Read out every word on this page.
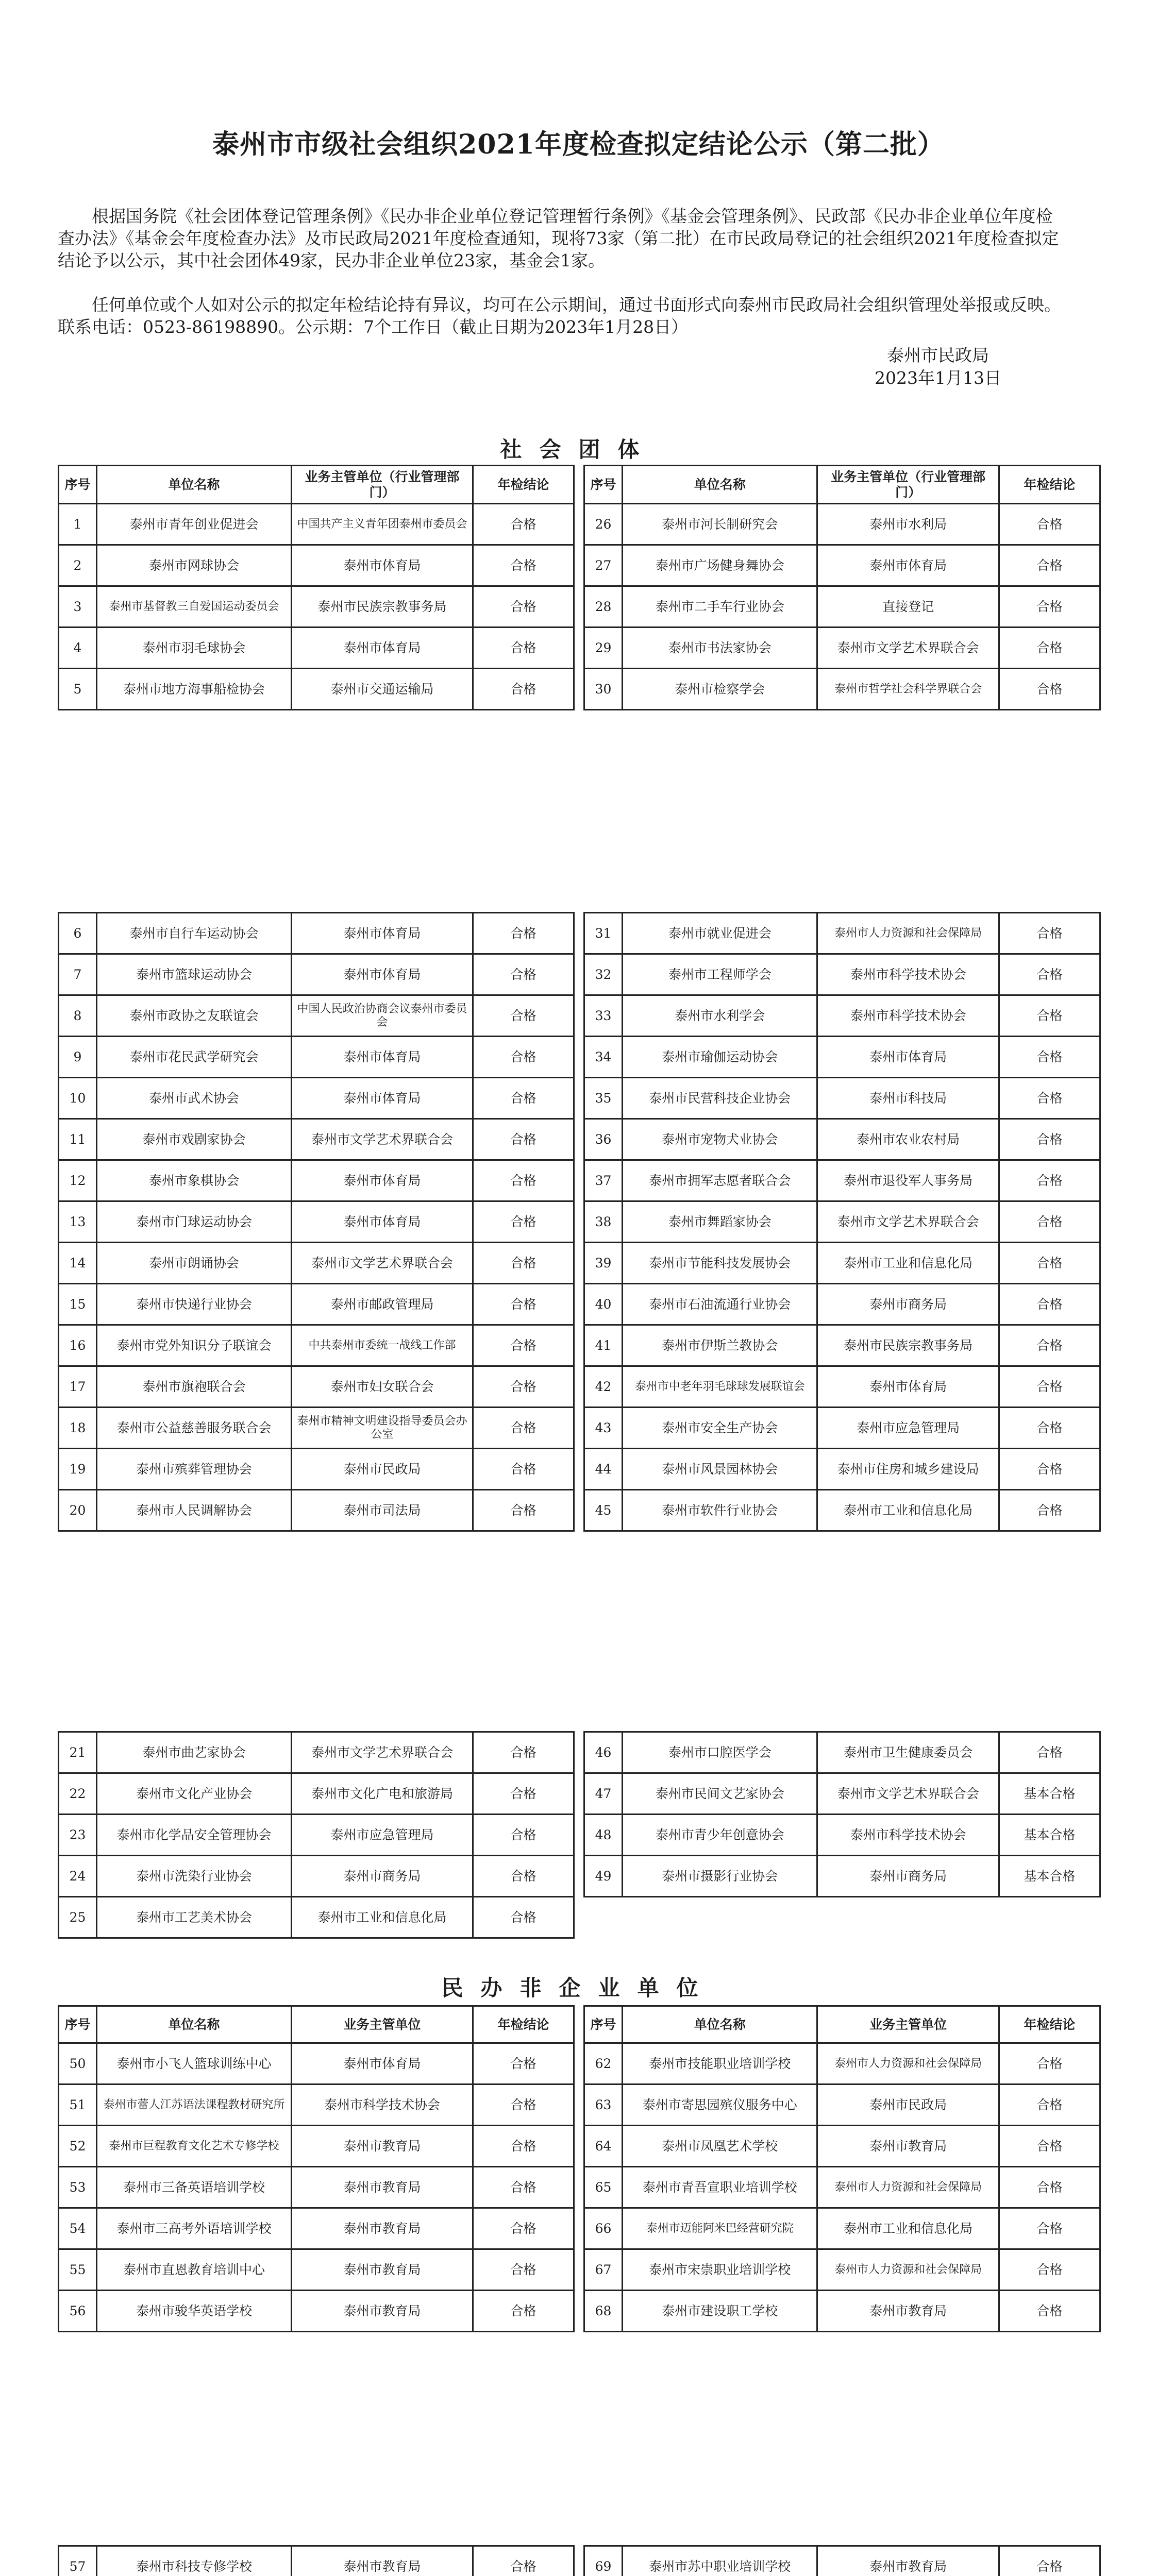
泰州市市级社会组织2021年度检查拟定结论公示（第二批）

根据国务院《社会团体登记管理条例》《民办非企业单位登记管理暂行条例》《基金会管理条例》、民政部《民办非企业单位年度检查办法》《基金会年度检查办法》及市民政局2021年度检查通知，现将73家（第二批）在市民政局登记的社会组织2021年度检查拟定结论予以公示，其中社会团体49家，民办非企业单位23家，基金会1家。

任何单位或个人如对公示的拟定年检结论持有异议，均可在公示期间，通过书面形式向泰州市民政局社会组织管理处举报或反映。联系电话：0523-86198890。公示期：7个工作日（截止日期为2023年1月28日）

泰州市民政局
2023年1月13日
社会团体
序号	单位名称	业务主管单位（行业管理部门）	年检结论
1	泰州市青年创业促进会	中国共产主义青年团泰州市委员会	合格
2	泰州市网球协会	泰州市体育局	合格
3	泰州市基督教三自爱国运动委员会	泰州市民族宗教事务局	合格
4	泰州市羽毛球协会	泰州市体育局	合格
5	泰州市地方海事船检协会	泰州市交通运输局	合格
序号	单位名称	业务主管单位（行业管理部门）	年检结论
26	泰州市河长制研究会	泰州市水利局	合格
27	泰州市广场健身舞协会	泰州市体育局	合格
28	泰州市二手车行业协会	直接登记	合格
29	泰州市书法家协会	泰州市文学艺术界联合会	合格
30	泰州市检察学会	泰州市哲学社会科学界联合会	合格
6	泰州市自行车运动协会	泰州市体育局	合格
7	泰州市篮球运动协会	泰州市体育局	合格
8	泰州市政协之友联谊会	中国人民政治协商会议泰州市委员会	合格
9	泰州市花民武学研究会	泰州市体育局	合格
10	泰州市武术协会	泰州市体育局	合格
11	泰州市戏剧家协会	泰州市文学艺术界联合会	合格
12	泰州市象棋协会	泰州市体育局	合格
13	泰州市门球运动协会	泰州市体育局	合格
14	泰州市朗诵协会	泰州市文学艺术界联合会	合格
15	泰州市快递行业协会	泰州市邮政管理局	合格
16	泰州市党外知识分子联谊会	中共泰州市委统一战线工作部	合格
17	泰州市旗袍联合会	泰州市妇女联合会	合格
18	泰州市公益慈善服务联合会	泰州市精神文明建设指导委员会办公室	合格
19	泰州市殡葬管理协会	泰州市民政局	合格
20	泰州市人民调解协会	泰州市司法局	合格
31	泰州市就业促进会	泰州市人力资源和社会保障局	合格
32	泰州市工程师学会	泰州市科学技术协会	合格
33	泰州市水利学会	泰州市科学技术协会	合格
34	泰州市瑜伽运动协会	泰州市体育局	合格
35	泰州市民营科技企业协会	泰州市科技局	合格
36	泰州市宠物犬业协会	泰州市农业农村局	合格
37	泰州市拥军志愿者联合会	泰州市退役军人事务局	合格
38	泰州市舞蹈家协会	泰州市文学艺术界联合会	合格
39	泰州市节能科技发展协会	泰州市工业和信息化局	合格
40	泰州市石油流通行业协会	泰州市商务局	合格
41	泰州市伊斯兰教协会	泰州市民族宗教事务局	合格
42	泰州市中老年羽毛球球发展联谊会	泰州市体育局	合格
43	泰州市安全生产协会	泰州市应急管理局	合格
44	泰州市风景园林协会	泰州市住房和城乡建设局	合格
45	泰州市软件行业协会	泰州市工业和信息化局	合格
21	泰州市曲艺家协会	泰州市文学艺术界联合会	合格
22	泰州市文化产业协会	泰州市文化广电和旅游局	合格
23	泰州市化学品安全管理协会	泰州市应急管理局	合格
24	泰州市洗染行业协会	泰州市商务局	合格
25	泰州市工艺美术协会	泰州市工业和信息化局	合格
46	泰州市口腔医学会	泰州市卫生健康委员会	合格
47	泰州市民间文艺家协会	泰州市文学艺术界联合会	基本合格
48	泰州市青少年创意协会	泰州市科学技术协会	基本合格
49	泰州市摄影行业协会	泰州市商务局	基本合格
民办非企业单位
序号	单位名称	业务主管单位	年检结论
50	泰州市小飞人篮球训练中心	泰州市体育局	合格
51	泰州市蕾人江苏语法课程教材研究所	泰州市科学技术协会	合格
52	泰州市巨程教育文化艺术专修学校	泰州市教育局	合格
53	泰州市三备英语培训学校	泰州市教育局	合格
54	泰州市三高考外语培训学校	泰州市教育局	合格
55	泰州市直恩教育培训中心	泰州市教育局	合格
56	泰州市骏华英语学校	泰州市教育局	合格
序号	单位名称	业务主管单位	年检结论
62	泰州市技能职业培训学校	泰州市人力资源和社会保障局	合格
63	泰州市寄思园殡仪服务中心	泰州市民政局	合格
64	泰州市凤凰艺术学校	泰州市教育局	合格
65	泰州市青吾宣职业培训学校	泰州市人力资源和社会保障局	合格
66	泰州市迈能阿米巴经营研究院	泰州市工业和信息化局	合格
67	泰州市宋崇职业培训学校	泰州市人力资源和社会保障局	合格
68	泰州市建设职工学校	泰州市教育局	合格
57	泰州市科技专修学校	泰州市教育局	合格

				69	泰州市苏中职业培训学校	泰州市教育局	合格
